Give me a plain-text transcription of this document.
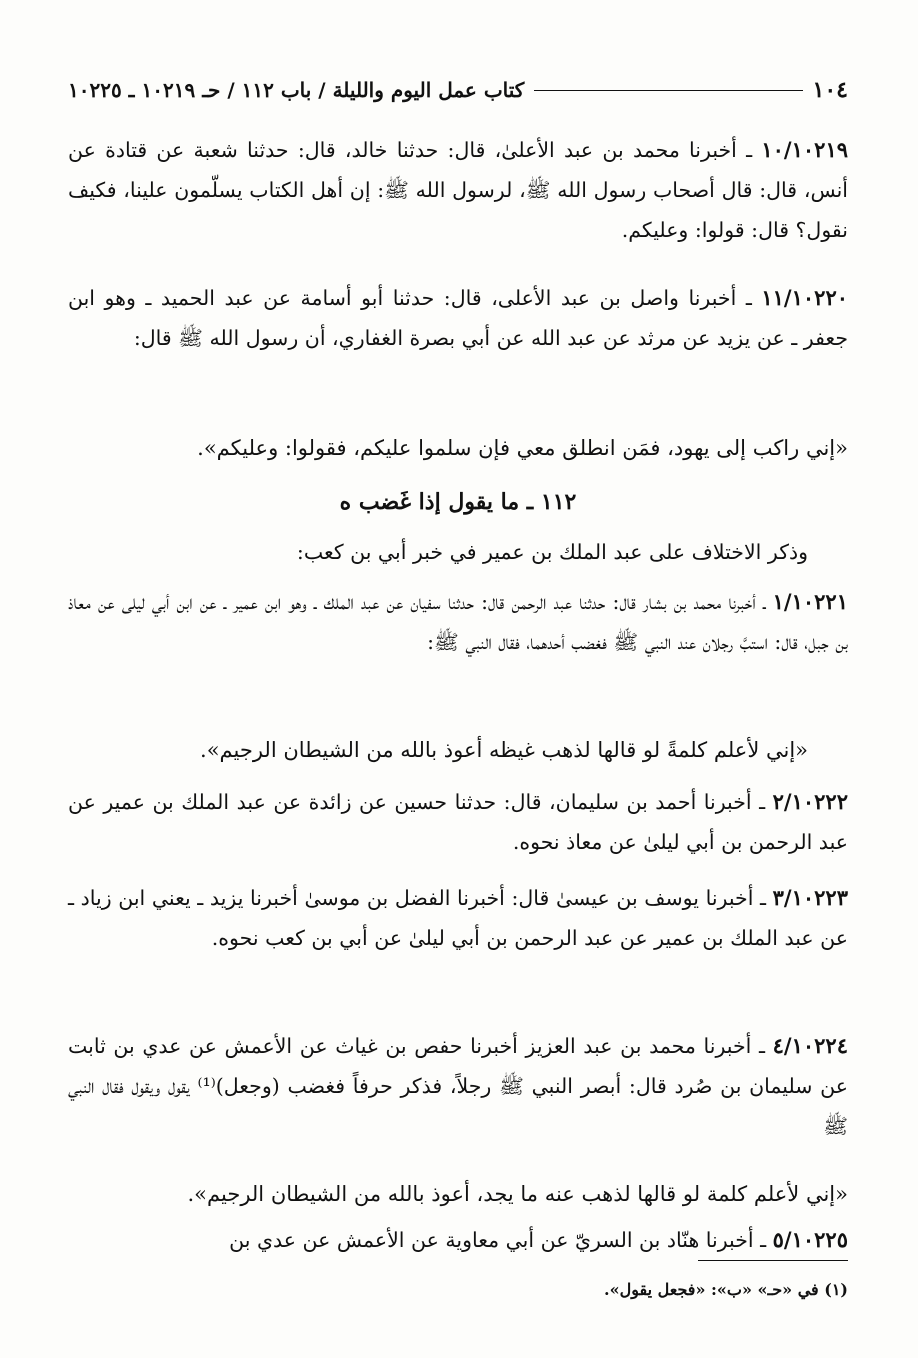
١٠٤
كتاب عمل اليوم والليلة / باب ١١٢ / حـ ١٠٢١٩ ـ ١٠٢٢٥

١٠/١٠٢١٩ ـ أخبرنا محمد بن عبد الأعلىٰ، قال: حدثنا خالد، قال: حدثنا شعبة عن قتادة عن أنس، قال: قال أصحاب رسول الله ﷺ، لرسول الله ﷺ: إن أهل الكتاب يسلّمون علينا، فكيف نقول؟ قال: قولوا: وعليكم.

١١/١٠٢٢٠ ـ أخبرنا واصل بن عبد الأعلى، قال: حدثنا أبو أسامة عن عبد الحميد ـ وهو ابن جعفر ـ عن يزيد عن مرثد عن عبد الله عن أبي بصرة الغفاري، أن رسول الله ﷺ قال:

«إني راكب إلى يهود، فمَن انطلق معي فإن سلموا عليكم، فقولوا: وعليكم».

١١٢ ـ ما يقول إذا غَضب ه

وذكر الاختلاف على عبد الملك بن عمير في خبر أبي بن كعب:

١/١٠٢٢١ ـ أخبرنا محمد بن بشار قال: حدثنا عبد الرحمن قال: حدثنا سفيان عن عبد الملك ـ وهو ابن عمير ـ عن ابن أبي ليلى عن معاذ بن جبل، قال: استبَّ رجلان عند النبي ﷺ فغضب أحدهما، فقال النبي ﷺ:

«إني لأعلم كلمةً لو قالها لذهب غيظه أعوذ بالله من الشيطان الرجيم».

٢/١٠٢٢٢ ـ أخبرنا أحمد بن سليمان، قال: حدثنا حسين عن زائدة عن عبد الملك بن عمير عن عبد الرحمن بن أبي ليلىٰ عن معاذ نحوه.

٣/١٠٢٢٣ ـ أخبرنا يوسف بن عيسىٰ قال: أخبرنا الفضل بن موسىٰ أخبرنا يزيد ـ يعني ابن زياد ـ عن عبد الملك بن عمير عن عبد الرحمن بن أبي ليلىٰ عن أبي بن كعب نحوه.

٤/١٠٢٢٤ ـ أخبرنا محمد بن عبد العزيز أخبرنا حفص بن غياث عن الأعمش عن عدي بن ثابت عن سليمان بن صُرد قال: أبصر النبي ﷺ رجلاً، فذكر حرفاً فغضب (وجعل)⁽¹⁾ يقول ويقول فقال النبي ﷺ

«إني لأعلم كلمة لو قالها لذهب عنه ما يجد، أعوذ بالله من الشيطان الرجيم».

٥/١٠٢٢٥ ـ أخبرنا هنّاد بن السريّ عن أبي معاوية عن الأعمش عن عدي بن

(١) في «حـ» «ب»: «فجعل يقول».
